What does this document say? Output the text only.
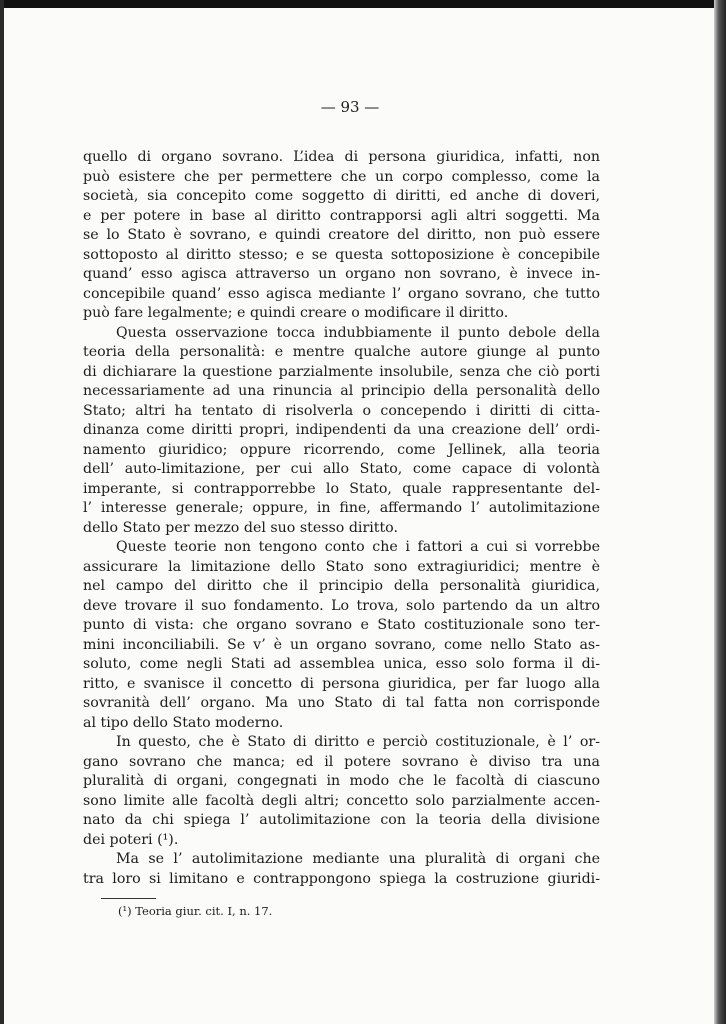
— 93 —
quello di organo sovrano. L’idea di persona giuridica, infatti, non
può esistere che per permettere che un corpo complesso, come la
società, sia concepito come soggetto di diritti, ed anche di doveri,
e per potere in base al diritto contrapporsi agli altri soggetti. Ma
se lo Stato è sovrano, e quindi creatore del diritto, non può essere
sottoposto al diritto stesso; e se questa sottoposizione è concepibile
quand’ esso agisca attraverso un organo non sovrano, è invece in-
concepibile quand’ esso agisca mediante l’ organo sovrano, che tutto
può fare legalmente; e quindi creare o modificare il diritto.
Questa osservazione tocca indubbiamente il punto debole della
teoria della personalità: e mentre qualche autore giunge al punto
di dichiarare la questione parzialmente insolubile, senza che ciò porti
necessariamente ad una rinuncia al principio della personalità dello
Stato; altri ha tentato di risolverla o concependo i diritti di citta-
dinanza come diritti propri, indipendenti da una creazione dell’ ordi-
namento giuridico; oppure ricorrendo, come Jellinek, alla teoria
dell’ auto-limitazione, per cui allo Stato, come capace di volontà
imperante, si contrapporrebbe lo Stato, quale rappresentante del-
l’ interesse generale; oppure, in fine, affermando l’ autolimitazione
dello Stato per mezzo del suo stesso diritto.
Queste teorie non tengono conto che i fattori a cui si vorrebbe
assicurare la limitazione dello Stato sono extragiuridici; mentre è
nel campo del diritto che il principio della personalità giuridica,
deve trovare il suo fondamento. Lo trova, solo partendo da un altro
punto di vista: che organo sovrano e Stato costituzionale sono ter-
mini inconciliabili. Se v’ è un organo sovrano, come nello Stato as-
soluto, come negli Stati ad assemblea unica, esso solo forma il di-
ritto, e svanisce il concetto di persona giuridica, per far luogo alla
sovranità dell’ organo. Ma uno Stato di tal fatta non corrisponde
al tipo dello Stato moderno.
In questo, che è Stato di diritto e perciò costituzionale, è l’ or-
gano sovrano che manca; ed il potere sovrano è diviso tra una
pluralità di organi, congegnati in modo che le facoltà di ciascuno
sono limite alle facoltà degli altri; concetto solo parzialmente accen-
nato da chi spiega l’ autolimitazione con la teoria della divisione
dei poteri (¹).
Ma se l’ autolimitazione mediante una pluralità di organi che
tra loro si limitano e contrappongono spiega la costruzione giuridi-
(¹) Teoria giur. cit. I, n. 17.
